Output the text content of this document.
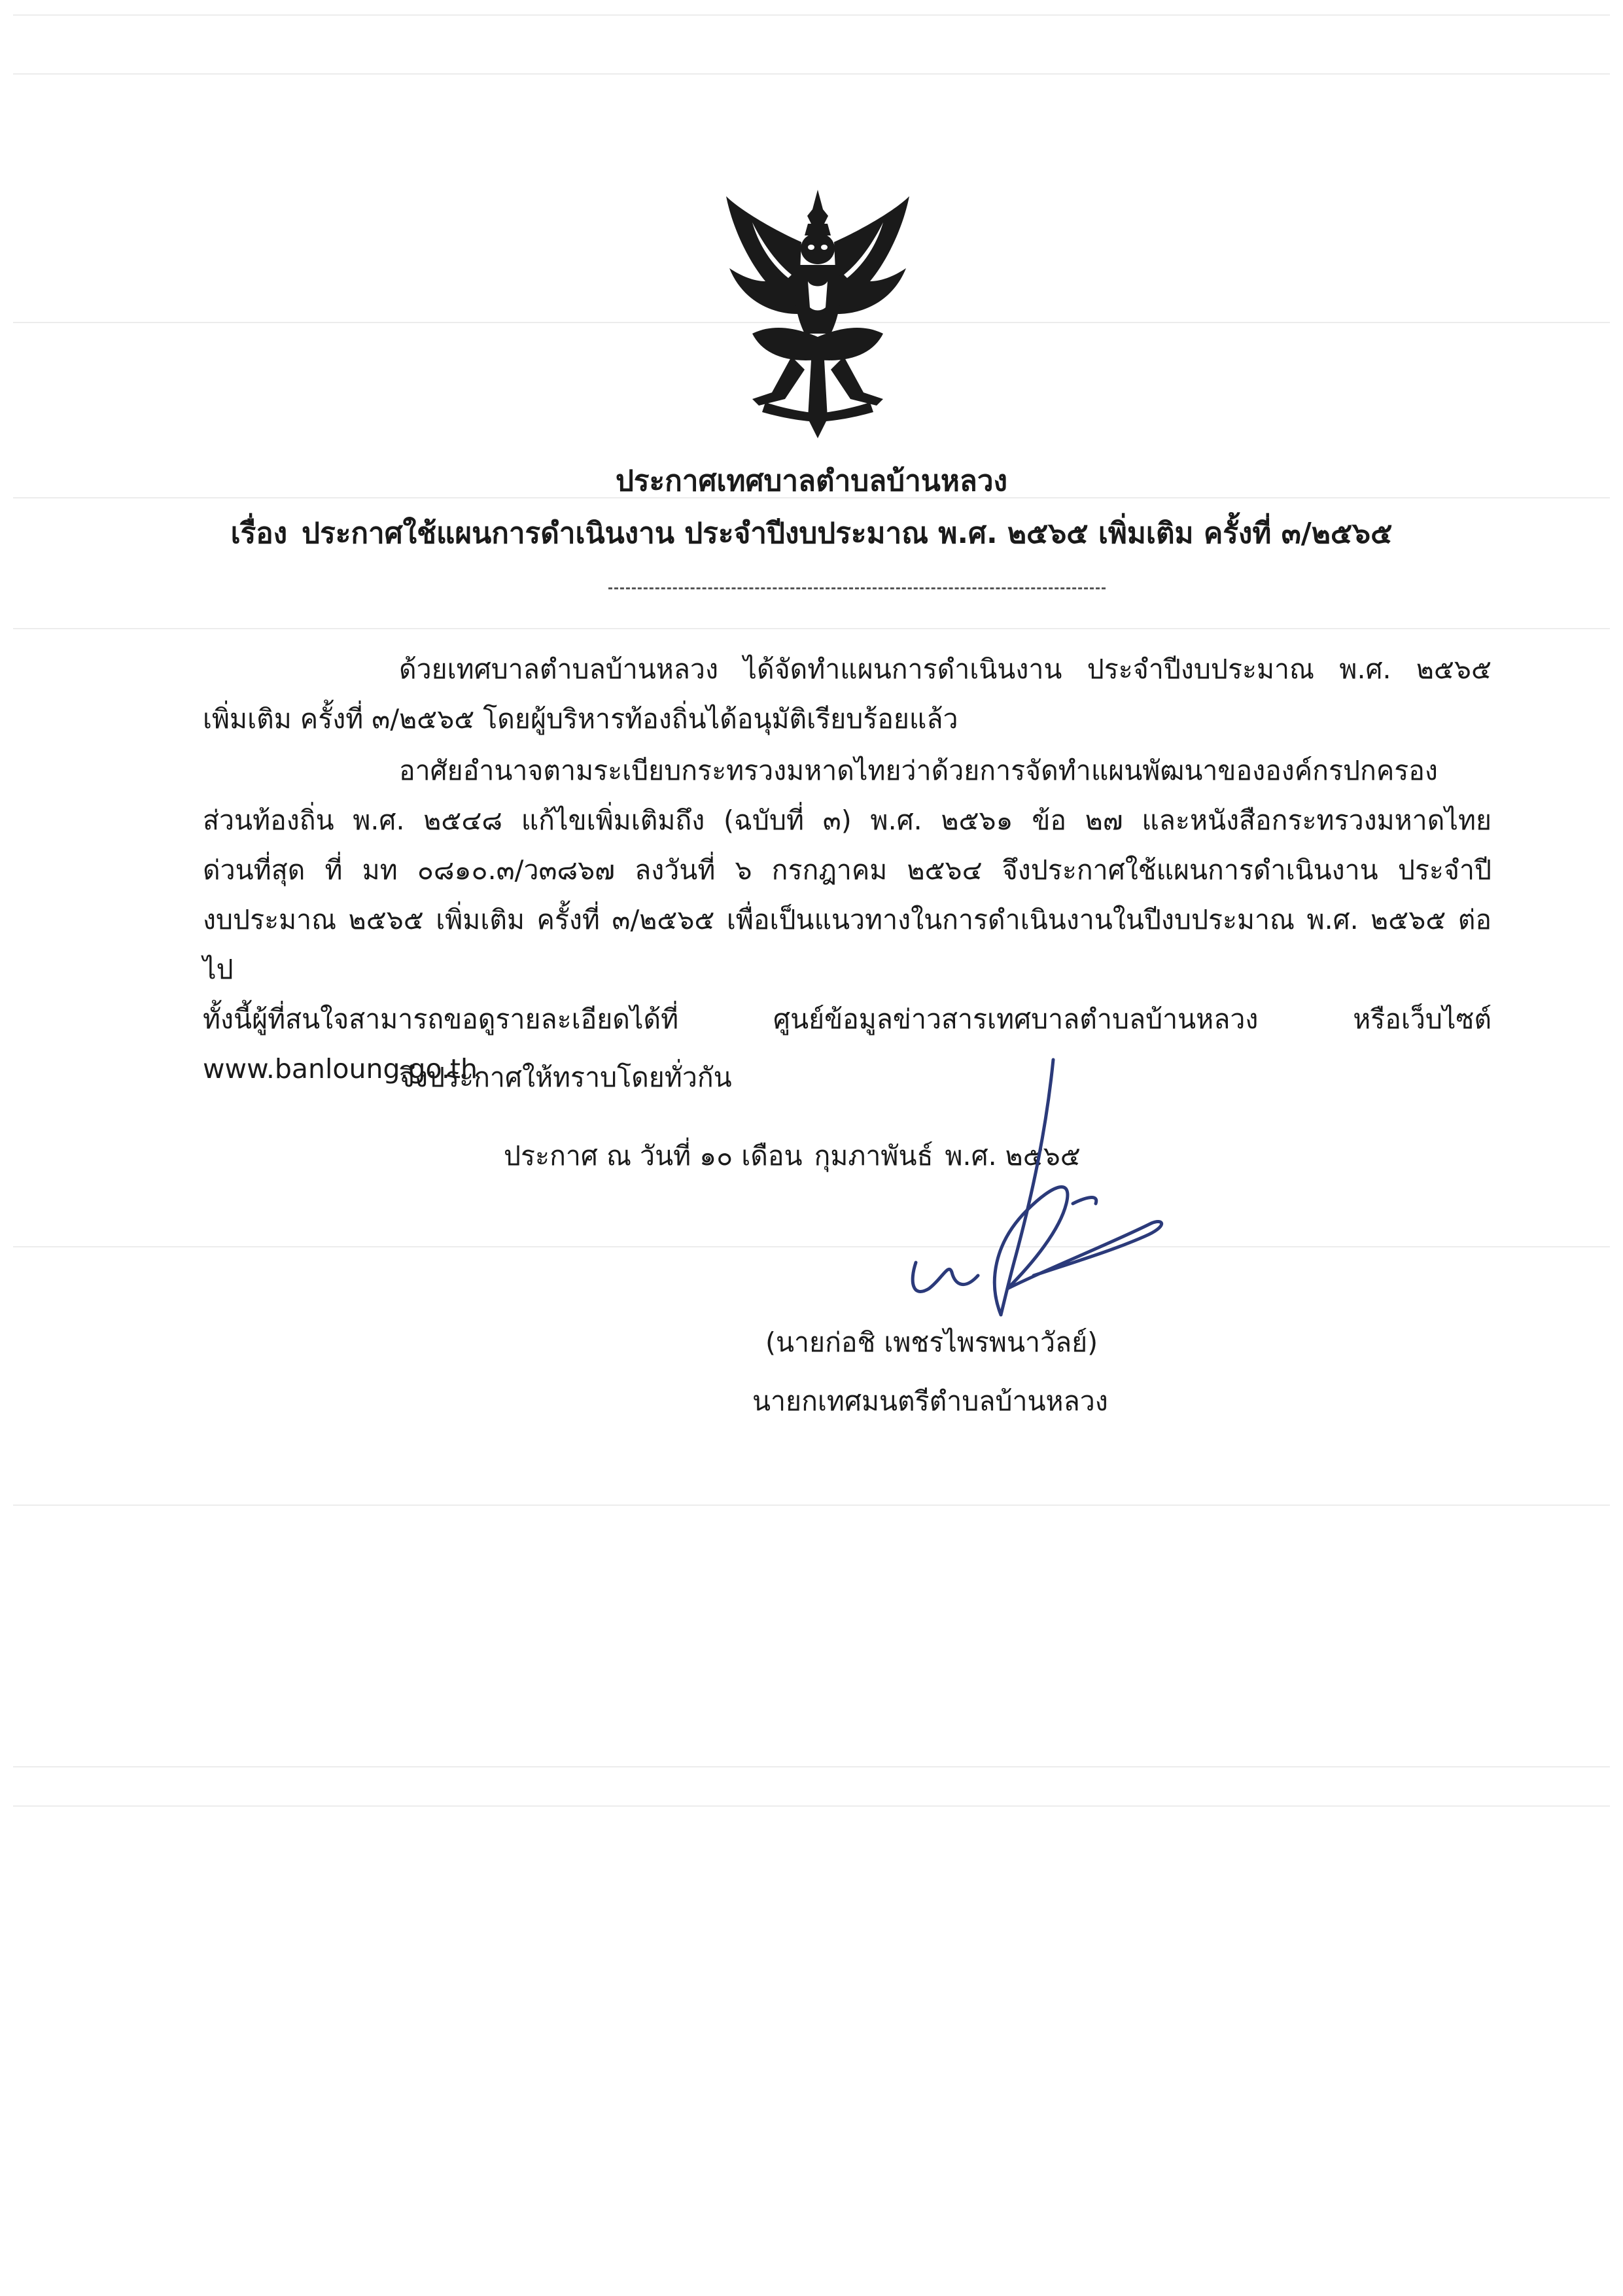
ประกาศเทศบาลตำบลบ้านหลวง
เรื่อง ประกาศใช้แผนการดำเนินงาน ประจำปีงบประมาณ พ.ศ. ๒๕๖๕ เพิ่มเติม ครั้งที่ ๓/๒๕๖๕
ด้วยเทศบาลตำบลบ้านหลวง ได้จัดทำแผนการดำเนินงาน ประจำปีงบประมาณ พ.ศ. ๒๕๖๕
เพิ่มเติม ครั้งที่ ๓/๒๕๖๕ โดยผู้บริหารท้องถิ่นได้อนุมัติเรียบร้อยแล้ว
อาศัยอำนาจตามระเบียบกระทรวงมหาดไทยว่าด้วยการจัดทำแผนพัฒนาขององค์กรปกครอง
ส่วนท้องถิ่น พ.ศ. ๒๕๔๘ แก้ไขเพิ่มเติมถึง (ฉบับที่ ๓) พ.ศ. ๒๕๖๑ ข้อ ๒๗ และหนังสือกระทรวงมหาดไทย
ด่วนที่สุด ที่ มท ๐๘๑๐.๓/ว๓๘๖๗ ลงวันที่ ๖ กรกฎาคม ๒๕๖๔ จึงประกาศใช้แผนการดำเนินงาน ประจำปี
งบประมาณ ๒๕๖๕ เพิ่มเติม ครั้งที่ ๓/๒๕๖๕ เพื่อเป็นแนวทางในการดำเนินงานในปีงบประมาณ พ.ศ. ๒๕๖๕ ต่อไป
ทั้งนี้ผู้ที่สนใจสามารถขอดูรายละเอียดได้ที่ ศูนย์ข้อมูลข่าวสารเทศบาลตำบลบ้านหลวง หรือเว็บไซต์
www.banloung.go.th
จึงประกาศให้ทราบโดยทั่วกัน
ประกาศ ณ วันที่ ๑๐ เดือน กุมภาพันธ์ พ.ศ. ๒๕๖๕
(นายก่อชิ เพชรไพรพนาวัลย์)
นายกเทศมนตรีตำบลบ้านหลวง
